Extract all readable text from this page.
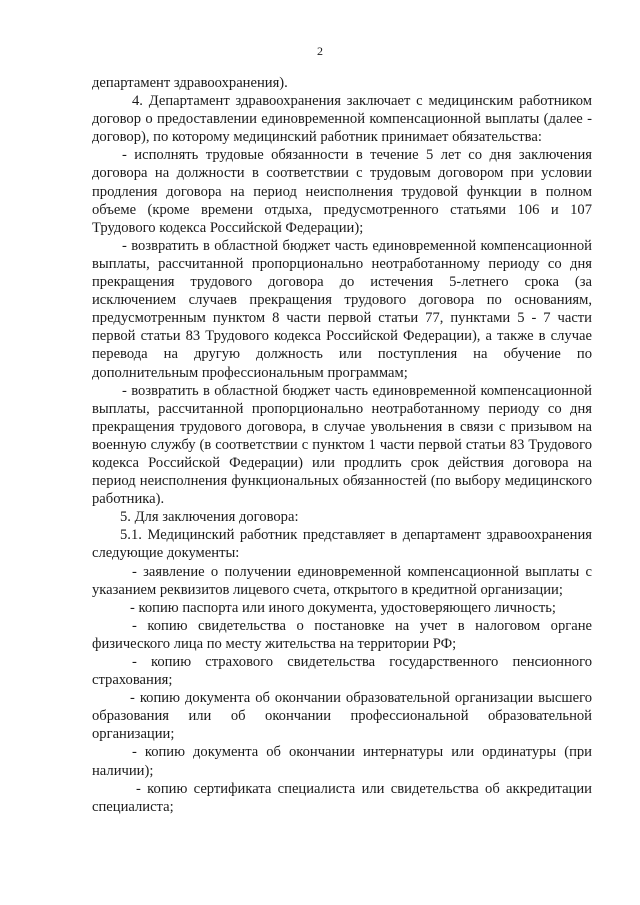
2

департамент здравоохранения).

4. Департамент здравоохранения заключает с медицинским работником договор о предоставлении единовременной компенсационной выплаты (далее - договор), по которому медицинский работник принимает обязательства:

- исполнять трудовые обязанности в течение 5 лет со дня заключения договора на должности в соответствии с трудовым договором при условии продления договора на период неисполнения трудовой функции в полном объеме (кроме времени отдыха, предусмотренного статьями 106 и 107 Трудового кодекса Российской Федерации);

- возвратить в областной бюджет часть единовременной компенсационной выплаты, рассчитанной пропорционально неотработанному периоду со дня прекращения трудового договора до истечения 5-летнего срока (за исключением случаев прекращения трудового договора по основаниям, предусмотренным пунктом 8 части первой статьи 77, пунктами 5 - 7 части первой статьи 83 Трудового кодекса Российской Федерации), а также в случае перевода на другую должность или поступления на обучение по дополнительным профессиональным программам;

- возвратить в областной бюджет часть единовременной компенсационной выплаты, рассчитанной пропорционально неотработанному периоду со дня прекращения трудового договора, в случае увольнения в связи с призывом на военную службу (в соответствии с пунктом 1 части первой статьи 83 Трудового кодекса Российской Федерации) или продлить срок действия договора на период неисполнения функциональных обязанностей (по выбору медицинского работника).

5. Для заключения договора:

5.1. Медицинский работник представляет в департамент здравоохранения следующие документы:

- заявление о получении единовременной компенсационной выплаты с указанием реквизитов лицевого счета, открытого в кредитной организации;

- копию паспорта или иного документа, удостоверяющего личность;

- копию свидетельства о постановке на учет в налоговом органе физического лица по месту жительства на территории РФ;

- копию страхового свидетельства государственного пенсионного страхования;

- копию документа об окончании образовательной организации высшего образования или об окончании профессиональной образовательной организации;

- копию документа об окончании интернатуры или ординатуры (при наличии);

- копию сертификата специалиста или свидетельства об аккредитации специалиста;
